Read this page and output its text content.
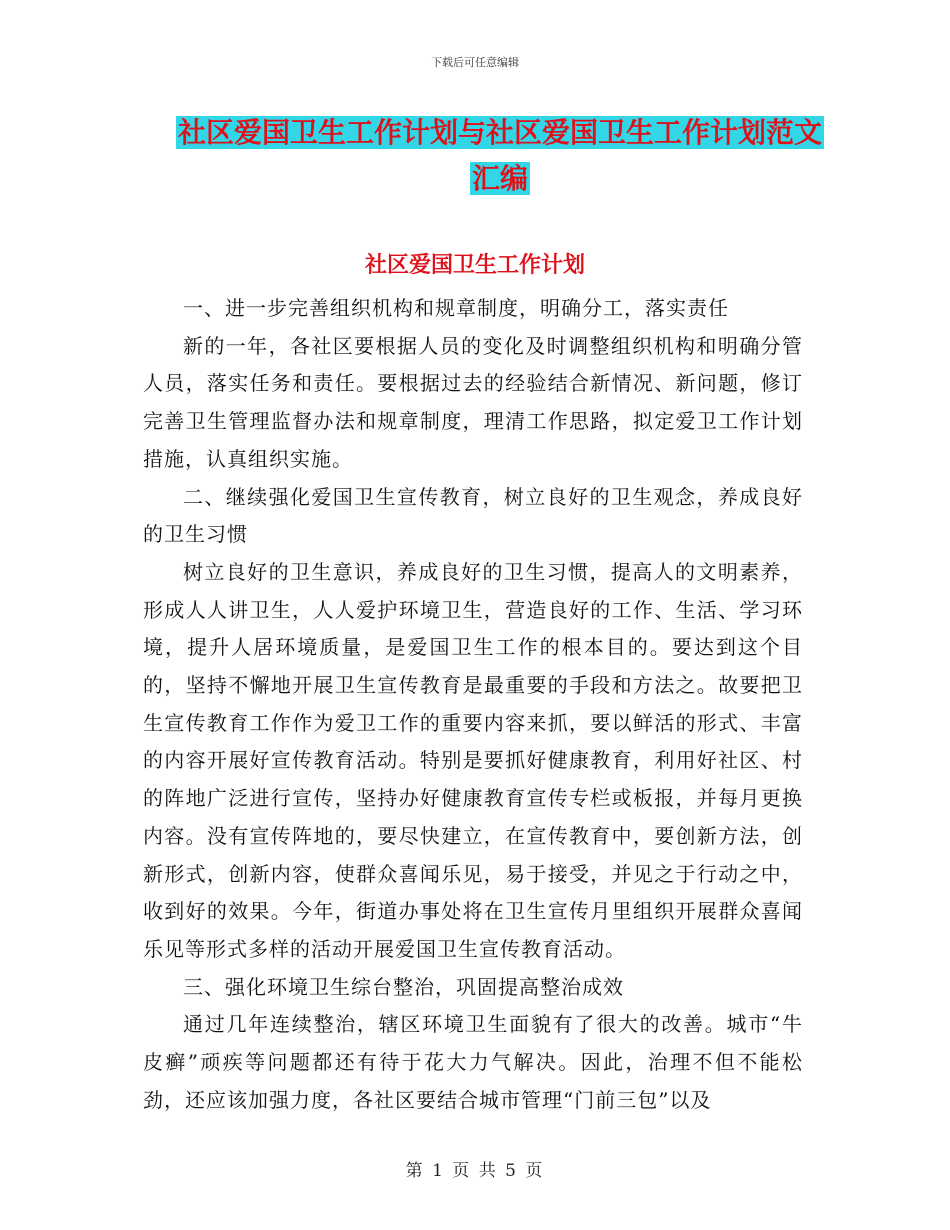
下载后可任意编辑
社区爱国卫生工作计划与社区爱国卫生工作计划范文
汇编
社区爱国卫生工作计划

一、进一步完善组织机构和规章制度，明确分工，落实责任

新的一年，各社区要根据人员的变化及时调整组织机构和明确分管人员，落实任务和责任。要根据过去的经验结合新情况、新问题，修订完善卫生管理监督办法和规章制度，理清工作思路，拟定爱卫工作计划措施，认真组织实施。

二、继续强化爱国卫生宣传教育，树立良好的卫生观念，养成良好的卫生习惯

树立良好的卫生意识，养成良好的卫生习惯，提高人的文明素养，形成人人讲卫生，人人爱护环境卫生，营造良好的工作、生活、学习环境，提升人居环境质量，是爱国卫生工作的根本目的。要达到这个目的，坚持不懈地开展卫生宣传教育是最重要的手段和方法之。故要把卫生宣传教育工作作为爱卫工作的重要内容来抓，要以鲜活的形式、丰富的内容开展好宣传教育活动。特别是要抓好健康教育，利用好社区、村的阵地广泛进行宣传，坚持办好健康教育宣传专栏或板报，并每月更换内容。没有宣传阵地的，要尽快建立，在宣传教育中，要创新方法，创新形式，创新内容，使群众喜闻乐见，易于接受，并见之于行动之中，收到好的效果。今年，街道办事处将在卫生宣传月里组织开展群众喜闻乐见等形式多样的活动开展爱国卫生宣传教育活动。

三、强化环境卫生综台整治，巩固提高整治成效

通过几年连续整治，辖区环境卫生面貌有了很大的改善。城市“牛皮癣”顽疾等问题都还有待于花大力气解决。因此，治理不但不能松劲，还应该加强力度，各社区要结合城市管理“门前三包”以及

第 1 页 共 5 页
